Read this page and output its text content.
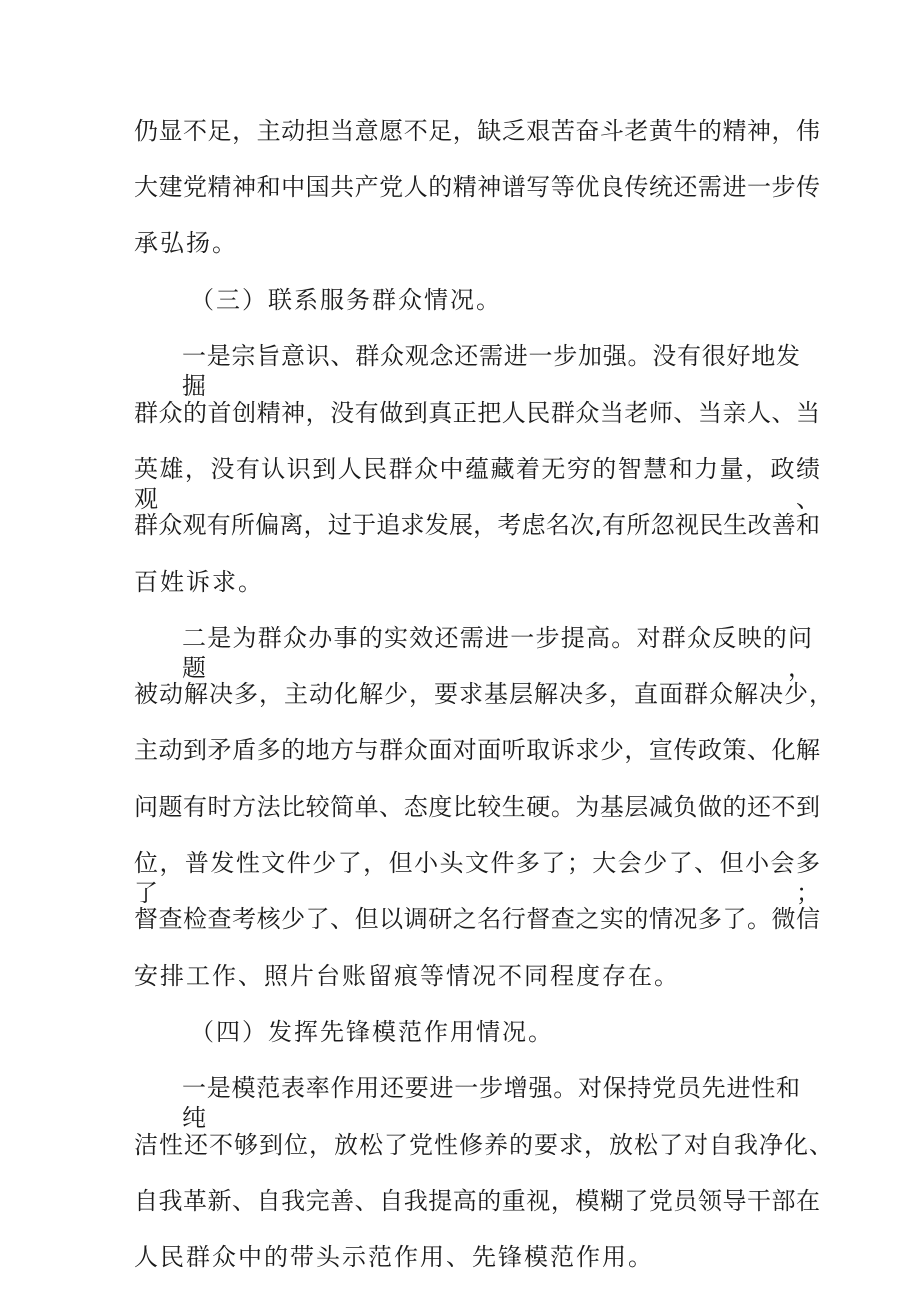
仍显不足，主动担当意愿不足，缺乏艰苦奋斗老黄牛的精神，伟
大建党精神和中国共产党人的精神谱写等优良传统还需进一步传
承弘扬。
（三）联系服务群众情况。
一是宗旨意识、群众观念还需进一步加强。没有很好地发掘
群众的首创精神，没有做到真正把人民群众当老师、当亲人、当
英雄，没有认识到人民群众中蕴藏着无穷的智慧和力量，政绩观、
群众观有所偏离，过于追求发展，考虑名次,有所忽视民生改善和
百姓诉求。
二是为群众办事的实效还需进一步提高。对群众反映的问题，
被动解决多，主动化解少，要求基层解决多，直面群众解决少，
主动到矛盾多的地方与群众面对面听取诉求少，宣传政策、化解
问题有时方法比较简单、态度比较生硬。为基层减负做的还不到
位，普发性文件少了，但小头文件多了；大会少了、但小会多了；
督查检查考核少了、但以调研之名行督查之实的情况多了。微信
安排工作、照片台账留痕等情况不同程度存在。
（四）发挥先锋模范作用情况。
一是模范表率作用还要进一步增强。对保持党员先进性和纯
洁性还不够到位，放松了党性修养的要求，放松了对自我净化、
自我革新、自我完善、自我提高的重视，模糊了党员领导干部在
人民群众中的带头示范作用、先锋模范作用。
